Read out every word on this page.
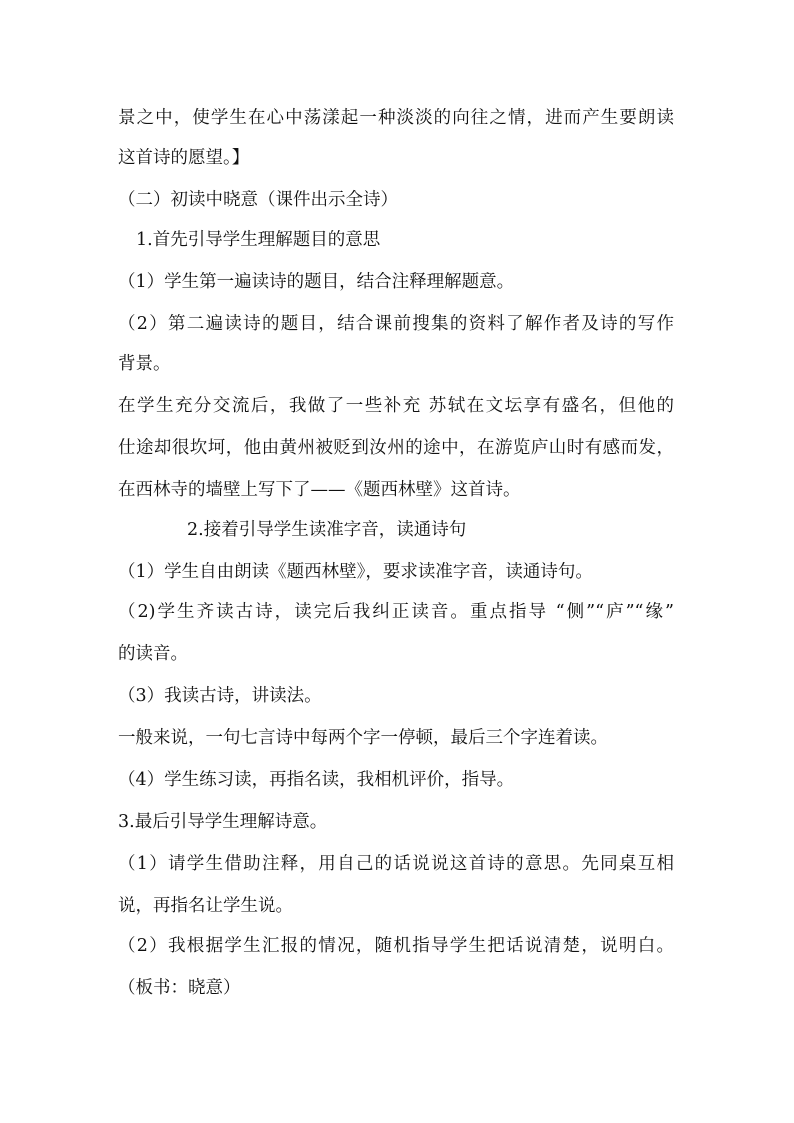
景之中，使学生在心中荡漾起一种淡淡的向往之情，进而产生要朗读
这首诗的愿望。】
（二）初读中晓意（课件出示全诗）
1.首先引导学生理解题目的意思
（1）学生第一遍读诗的题目，结合注释理解题意。
（2）第二遍读诗的题目，结合课前搜集的资料了解作者及诗的写作
背景。
在学生充分交流后，我做了一些补充 苏轼在文坛享有盛名，但他的
仕途却很坎坷，他由黄州被贬到汝州的途中，在游览庐山时有感而发，
在西林寺的墙壁上写下了——《题西林壁》这首诗。
2.接着引导学生读准字音，读通诗句
（1）学生自由朗读《题西林壁》，要求读准字音，读通诗句。
（2)学生齐读古诗，读完后我纠正读音。重点指导 “侧”“庐”“缘”
的读音。
（3）我读古诗，讲读法。
一般来说，一句七言诗中每两个字一停顿，最后三个字连着读。
（4）学生练习读，再指名读，我相机评价，指导。
3.最后引导学生理解诗意。
（1）请学生借助注释，用自己的话说说这首诗的意思。先同桌互相
说，再指名让学生说。
（2）我根据学生汇报的情况，随机指导学生把话说清楚，说明白。
（板书：晓意）
